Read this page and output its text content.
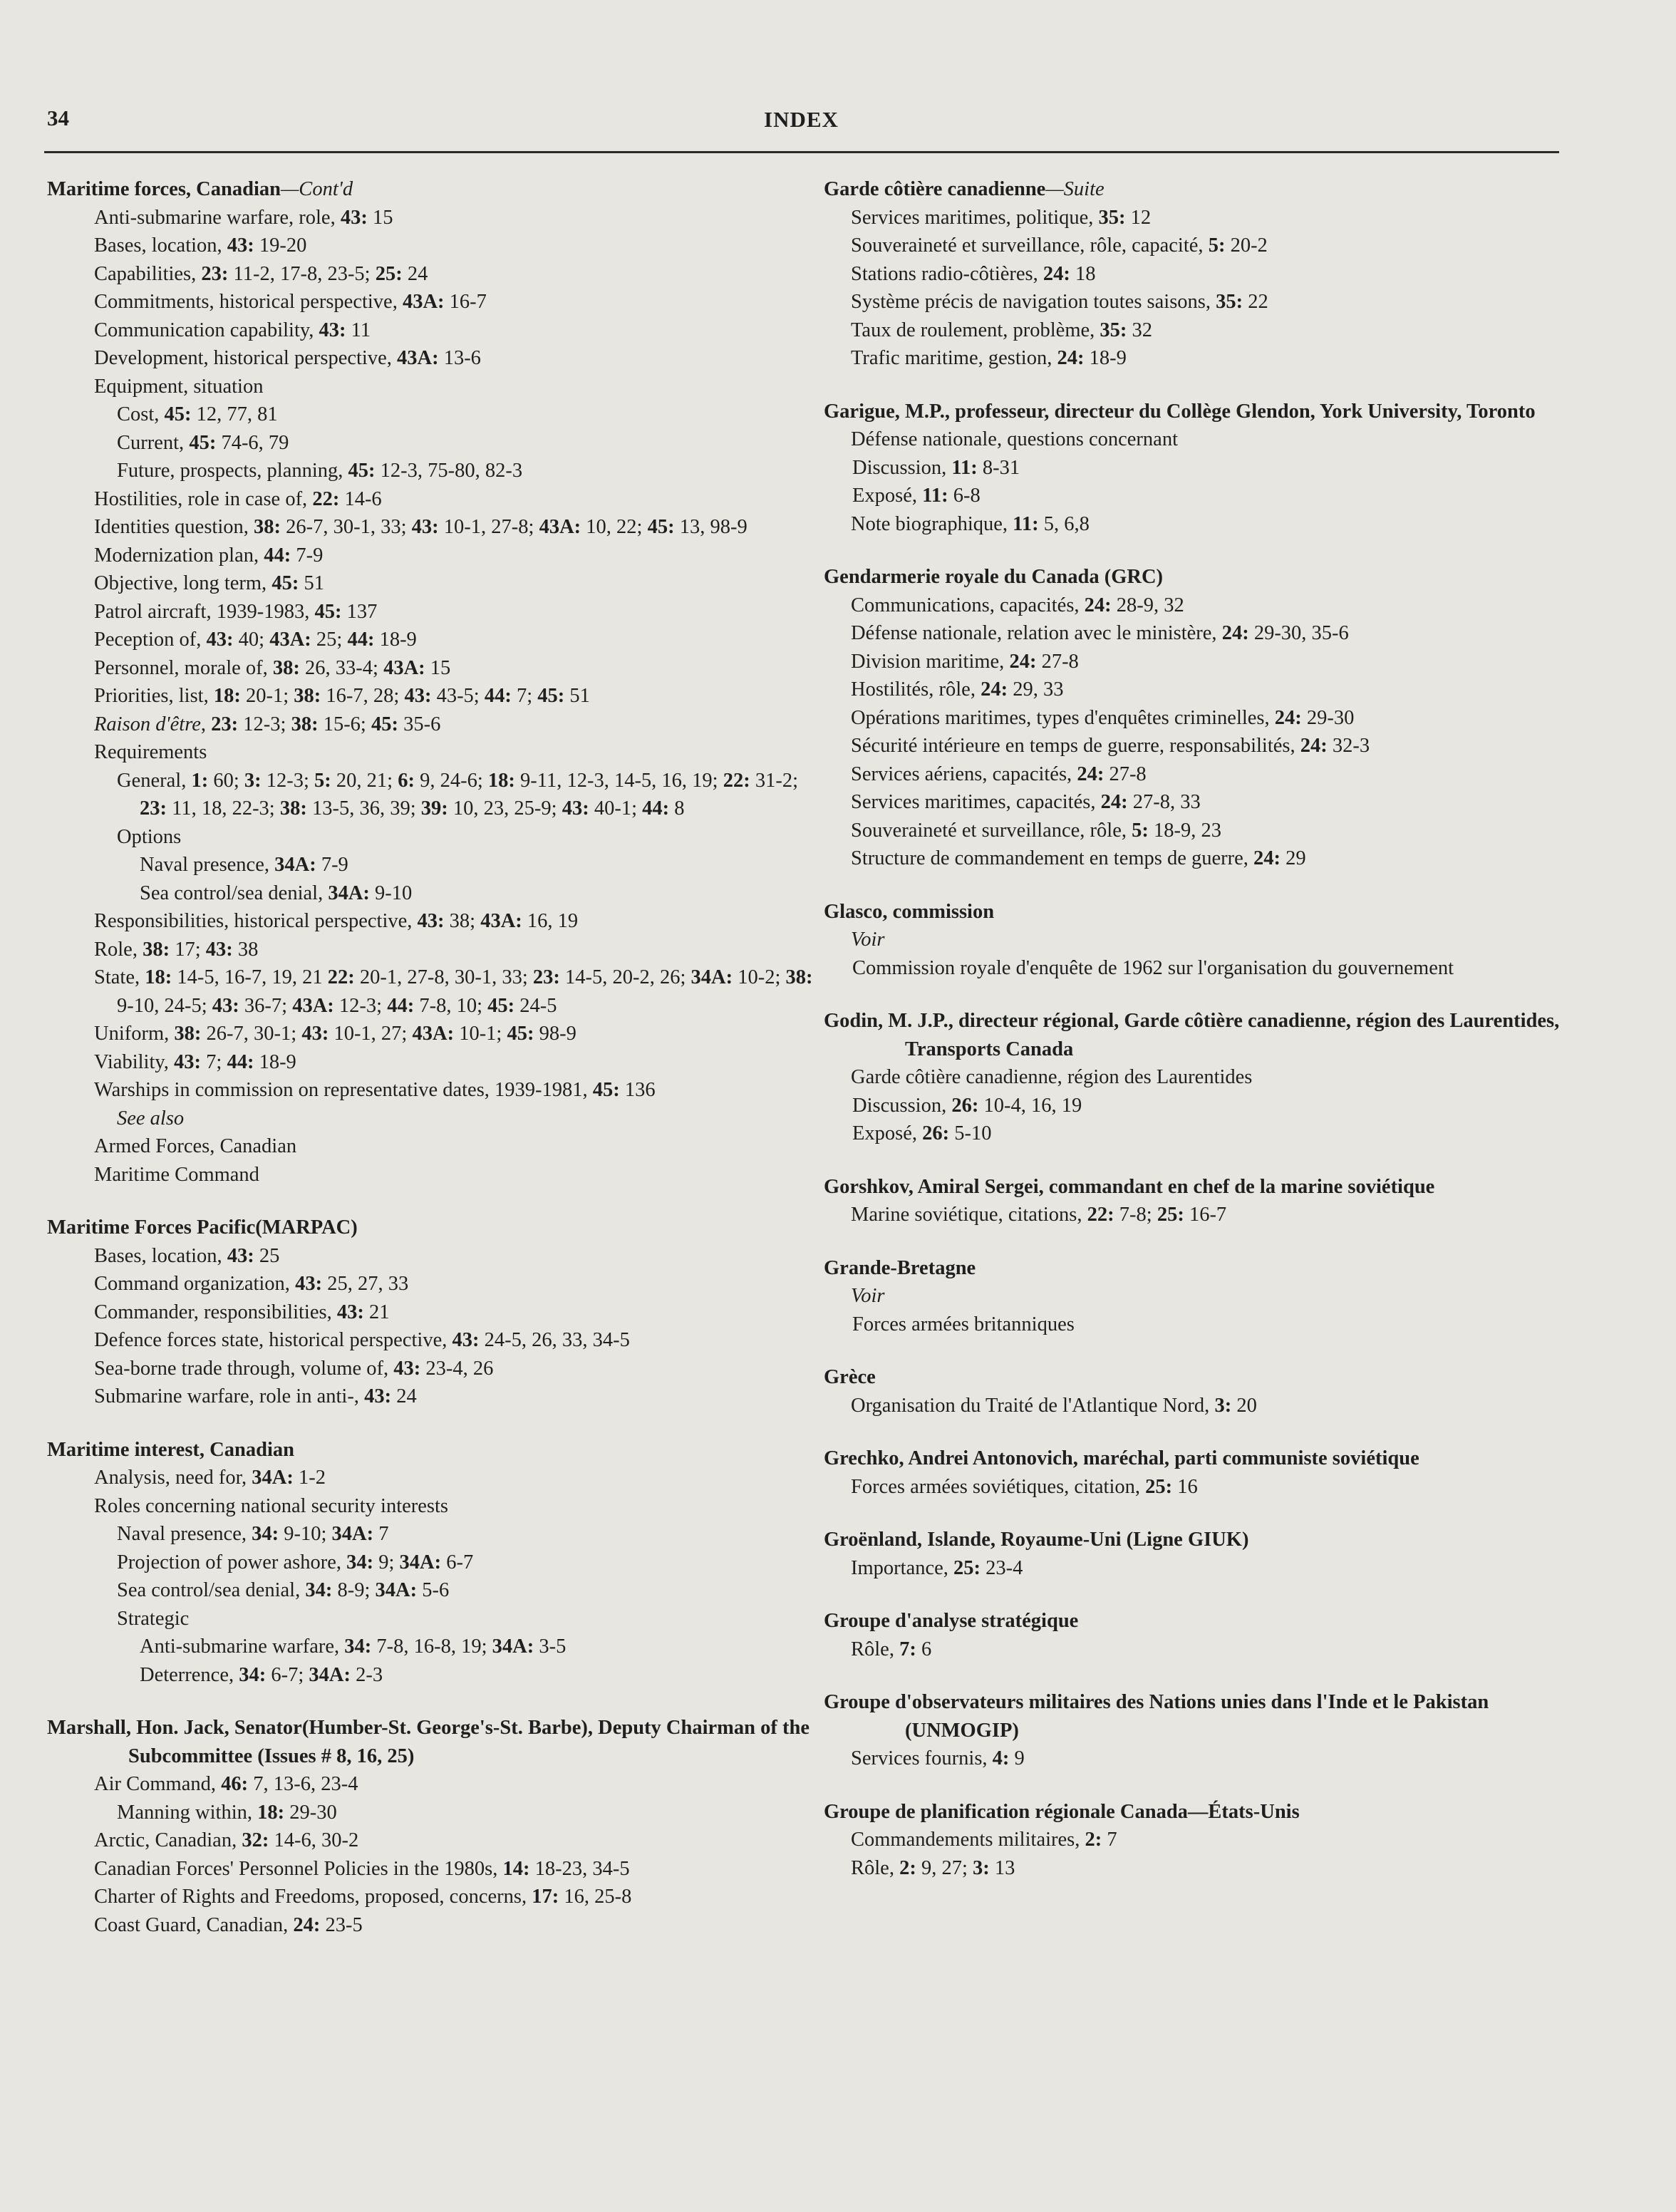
34	INDEX
Maritime forces, Canadian—Cont'd
Anti-submarine warfare, role, 43: 15
Bases, location, 43: 19-20
Capabilities, 23: 11-2, 17-8, 23-5; 25: 24
Commitments, historical perspective, 43A: 16-7
Communication capability, 43: 11
Development, historical perspective, 43A: 13-6
Equipment, situation
Cost, 45: 12, 77, 81
Current, 45: 74-6, 79
Future, prospects, planning, 45: 12-3, 75-80, 82-3
Hostilities, role in case of, 22: 14-6
Identities question, 38: 26-7, 30-1, 33; 43: 10-1, 27-8; 43A: 10, 22; 45: 13, 98-9
Modernization plan, 44: 7-9
Objective, long term, 45: 51
Patrol aircraft, 1939-1983, 45: 137
Peception of, 43: 40; 43A: 25; 44: 18-9
Personnel, morale of, 38: 26, 33-4; 43A: 15
Priorities, list, 18: 20-1; 38: 16-7, 28; 43: 43-5; 44: 7; 45: 51
Raison d'être, 23: 12-3; 38: 15-6; 45: 35-6
Requirements
General, 1: 60; 3: 12-3; 5: 20, 21; 6: 9, 24-6; 18: 9-11, 12-3, 14-5, 16, 19; 22: 31-2; 23: 11, 18, 22-3; 38: 13-5, 36, 39; 39: 10, 23, 25-9; 43: 40-1; 44: 8
Options
Naval presence, 34A: 7-9
Sea control/sea denial, 34A: 9-10
Responsibilities, historical perspective, 43: 38; 43A: 16, 19
Role, 38: 17; 43: 38
State, 18: 14-5, 16-7, 19, 21 22: 20-1, 27-8, 30-1, 33; 23: 14-5, 20-2, 26; 34A: 10-2; 38: 9-10, 24-5; 43: 36-7; 43A: 12-3; 44: 7-8, 10; 45: 24-5
Uniform, 38: 26-7, 30-1; 43: 10-1, 27; 43A: 10-1; 45: 98-9
Viability, 43: 7; 44: 18-9
Warships in commission on representative dates, 1939-1981, 45: 136
See also
Armed Forces, Canadian
Maritime Command
Maritime Forces Pacific(MARPAC)
Bases, location, 43: 25
Command organization, 43: 25, 27, 33
Commander, responsibilities, 43: 21
Defence forces state, historical perspective, 43: 24-5, 26, 33, 34-5
Sea-borne trade through, volume of, 43: 23-4, 26
Submarine warfare, role in anti-, 43: 24
Maritime interest, Canadian
Analysis, need for, 34A: 1-2
Roles concerning national security interests
Naval presence, 34: 9-10; 34A: 7
Projection of power ashore, 34: 9; 34A: 6-7
Sea control/sea denial, 34: 8-9; 34A: 5-6
Strategic
Anti-submarine warfare, 34: 7-8, 16-8, 19; 34A: 3-5
Deterrence, 34: 6-7; 34A: 2-3
Marshall, Hon. Jack, Senator(Humber-St. George's-St. Barbe), Deputy Chairman of the Subcommittee (Issues # 8, 16, 25)
Air Command, 46: 7, 13-6, 23-4
Manning within, 18: 29-30
Arctic, Canadian, 32: 14-6, 30-2
Canadian Forces' Personnel Policies in the 1980s, 14: 18-23, 34-5
Charter of Rights and Freedoms, proposed, concerns, 17: 16, 25-8
Coast Guard, Canadian, 24: 23-5
Garde côtière canadienne—Suite
Services maritimes, politique, 35: 12
Souveraineté et surveillance, rôle, capacité, 5: 20-2
Stations radio-côtières, 24: 18
Système précis de navigation toutes saisons, 35: 22
Taux de roulement, problème, 35: 32
Trafic maritime, gestion, 24: 18-9
Garigue, M.P., professeur, directeur du Collège Glendon, York University, Toronto
Défense nationale, questions concernant
Discussion, 11: 8-31
Exposé, 11: 6-8
Note biographique, 11: 5, 6,8
Gendarmerie royale du Canada (GRC)
Communications, capacités, 24: 28-9, 32
Défense nationale, relation avec le ministère, 24: 29-30, 35-6
Division maritime, 24: 27-8
Hostilités, rôle, 24: 29, 33
Opérations maritimes, types d'enquêtes criminelles, 24: 29-30
Sécurité intérieure en temps de guerre, responsabilités, 24: 32-3
Services aériens, capacités, 24: 27-8
Services maritimes, capacités, 24: 27-8, 33
Souveraineté et surveillance, rôle, 5: 18-9, 23
Structure de commandement en temps de guerre, 24: 29
Glasco, commission
Voir
Commission royale d'enquête de 1962 sur l'organisation du gouvernement
Godin, M. J.P., directeur régional, Garde côtière canadienne, région des Laurentides, Transports Canada
Garde côtière canadienne, région des Laurentides
Discussion, 26: 10-4, 16, 19
Exposé, 26: 5-10
Gorshkov, Amiral Sergei, commandant en chef de la marine soviétique
Marine soviétique, citations, 22: 7-8; 25: 16-7
Grande-Bretagne
Voir
Forces armées britanniques
Grèce
Organisation du Traité de l'Atlantique Nord, 3: 20
Grechko, Andrei Antonovich, maréchal, parti communiste soviétique
Forces armées soviétiques, citation, 25: 16
Groënland, Islande, Royaume-Uni (Ligne GIUK)
Importance, 25: 23-4
Groupe d'analyse stratégique
Rôle, 7: 6
Groupe d'observateurs militaires des Nations unies dans l'Inde et le Pakistan (UNMOGIP)
Services fournis, 4: 9
Groupe de planification régionale Canada—États-Unis
Commandements militaires, 2: 7
Rôle, 2: 9, 27; 3: 13
